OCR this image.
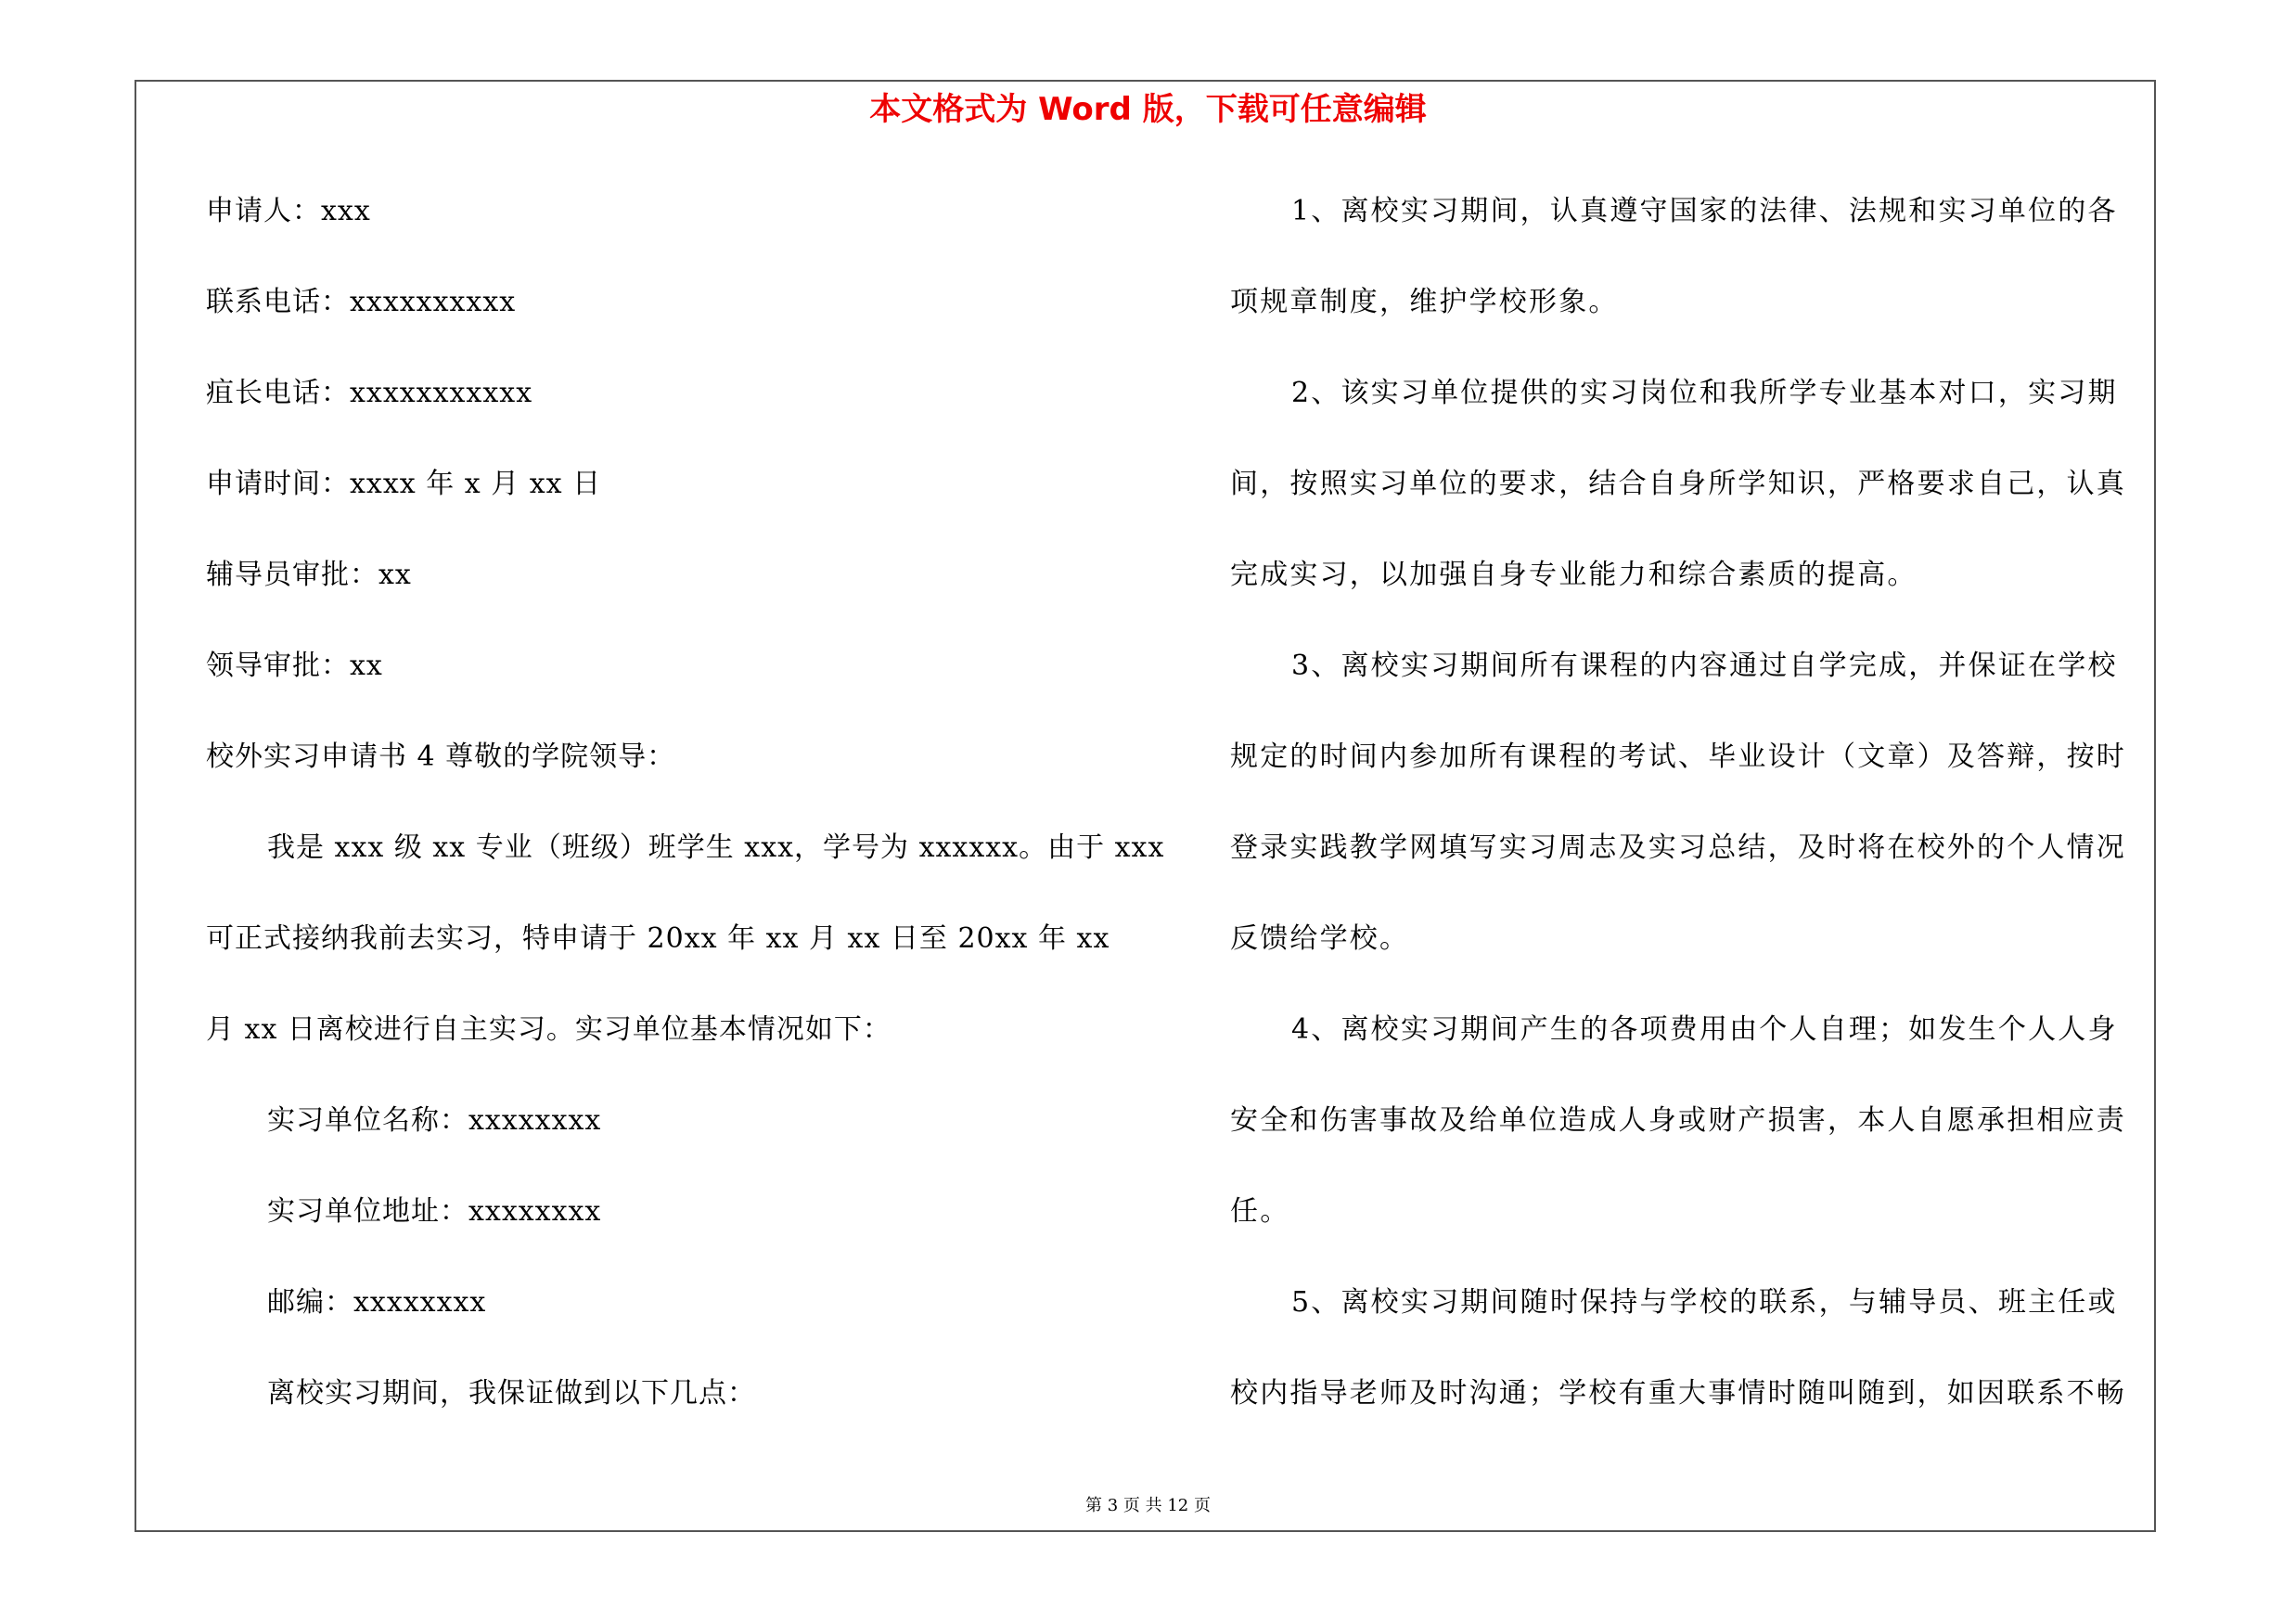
本文格式为 Word 版，下载可任意编辑
申请人：xxx
联系电话：xxxxxxxxxx
疽长电话：xxxxxxxxxxx
申请时间：xxxx 年 x 月 xx 日
辅导员审批：xx
领导审批：xx
校外实习申请书 4 尊敬的学院领导：
我是 xxx 级 xx 专业（班级）班学生 xxx，学号为 xxxxxx。由于 xxx
可正式接纳我前去实习，特申请于 20xx 年 xx 月 xx 日至 20xx 年 xx
月 xx 日离校进行自主实习。实习单位基本情况如下：
实习单位名称：xxxxxxxx
实习单位地址：xxxxxxxx
邮编：xxxxxxxx
离校实习期间，我保证做到以下几点：
1、离校实习期间，认真遵守国家的法律、法规和实习单位的各
项规章制度，维护学校形象。
2、该实习单位提供的实习岗位和我所学专业基本对口，实习期
间，按照实习单位的要求，结合自身所学知识，严格要求自己，认真
完成实习，以加强自身专业能力和综合素质的提高。
3、离校实习期间所有课程的内容通过自学完成，并保证在学校
规定的时间内参加所有课程的考试、毕业设计（文章）及答辩，按时
登录实践教学网填写实习周志及实习总结，及时将在校外的个人情况
反馈给学校。
4、离校实习期间产生的各项费用由个人自理；如发生个人人身
安全和伤害事故及给单位造成人身或财产损害，本人自愿承担相应责
任。
5、离校实习期间随时保持与学校的联系，与辅导员、班主任或
校内指导老师及时沟通；学校有重大事情时随叫随到，如因联系不畅
第 3 页 共 12 页
